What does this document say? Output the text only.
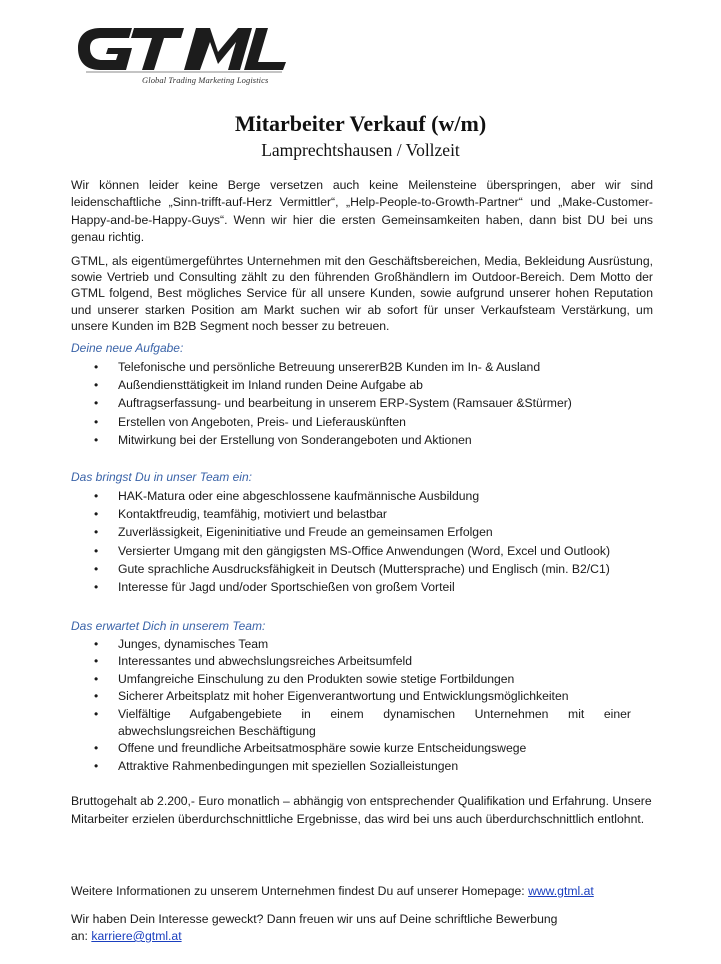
Global Trading Marketing Logistics
Mitarbeiter Verkauf (w/m)
Lamprechtshausen / Vollzeit
Wir können leider keine Berge versetzen auch keine Meilensteine überspringen, aber wir sind leidenschaftliche „Sinn-trifft-auf-Herz Vermittler“, „Help-People-to-Growth-Partner“ und „Make-Customer-Happy-and-be-Happy-Guys“. Wenn wir hier die ersten Gemeinsamkeiten haben, dann bist DU bei uns genau richtig.
GTML, als eigentümergeführtes Unternehmen mit den Geschäftsbereichen, Media, Bekleidung Ausrüstung, sowie Vertrieb und Consulting zählt zu den führenden Großhändlern im Outdoor-Bereich. Dem Motto der GTML folgend, Best mögliches Service für all unsere Kunden, sowie aufgrund unserer hohen Reputation und unserer starken Position am Markt suchen wir ab sofort für unser Verkaufsteam Verstärkung, um unsere Kunden im B2B Segment noch besser zu betreuen.
Deine neue Aufgabe:
• Telefonische und persönliche Betreuung unsererB2B Kunden im In- & Ausland
• Außendiensttätigkeit im Inland runden Deine Aufgabe ab
• Auftragserfassung- und bearbeitung in unserem ERP-System (Ramsauer &Stürmer)
• Erstellen von Angeboten, Preis- und Lieferauskünften
• Mitwirkung bei der Erstellung von Sonderangeboten und Aktionen
Das bringst Du in unser Team ein:
• HAK-Matura oder eine abgeschlossene kaufmännische Ausbildung
• Kontaktfreudig, teamfähig, motiviert und belastbar
• Zuverlässigkeit, Eigeninitiative und Freude an gemeinsamen Erfolgen
• Versierter Umgang mit den gängigsten MS-Office Anwendungen (Word, Excel und Outlook)
• Gute sprachliche Ausdrucksfähigkeit in Deutsch (Muttersprache) und Englisch (min. B2/C1)
• Interesse für Jagd und/oder Sportschießen von großem Vorteil
Das erwartet Dich in unserem Team:
• Junges, dynamisches Team
• Interessantes und abwechslungsreiches Arbeitsumfeld
• Umfangreiche Einschulung zu den Produkten sowie stetige Fortbildungen
• Sicherer Arbeitsplatz mit hoher Eigenverantwortung und Entwicklungsmöglichkeiten
• Vielfältige Aufgabengebiete in einem dynamischen Unternehmen mit einer abwechslungsreichen Beschäftigung
• Offene und freundliche Arbeitsatmosphäre sowie kurze Entscheidungswege
• Attraktive Rahmenbedingungen mit speziellen Sozialleistungen
Bruttogehalt ab 2.200,- Euro monatlich – abhängig von entsprechender Qualifikation und Erfahrung. Unsere Mitarbeiter erzielen überdurchschnittliche Ergebnisse, das wird bei uns auch überdurchschnittlich entlohnt.
Weitere Informationen zu unserem Unternehmen findest Du auf unserer Homepage: www.gtml.at
Wir haben Dein Interesse geweckt? Dann freuen wir uns auf Deine schriftliche Bewerbung
an: karriere@gtml.at
